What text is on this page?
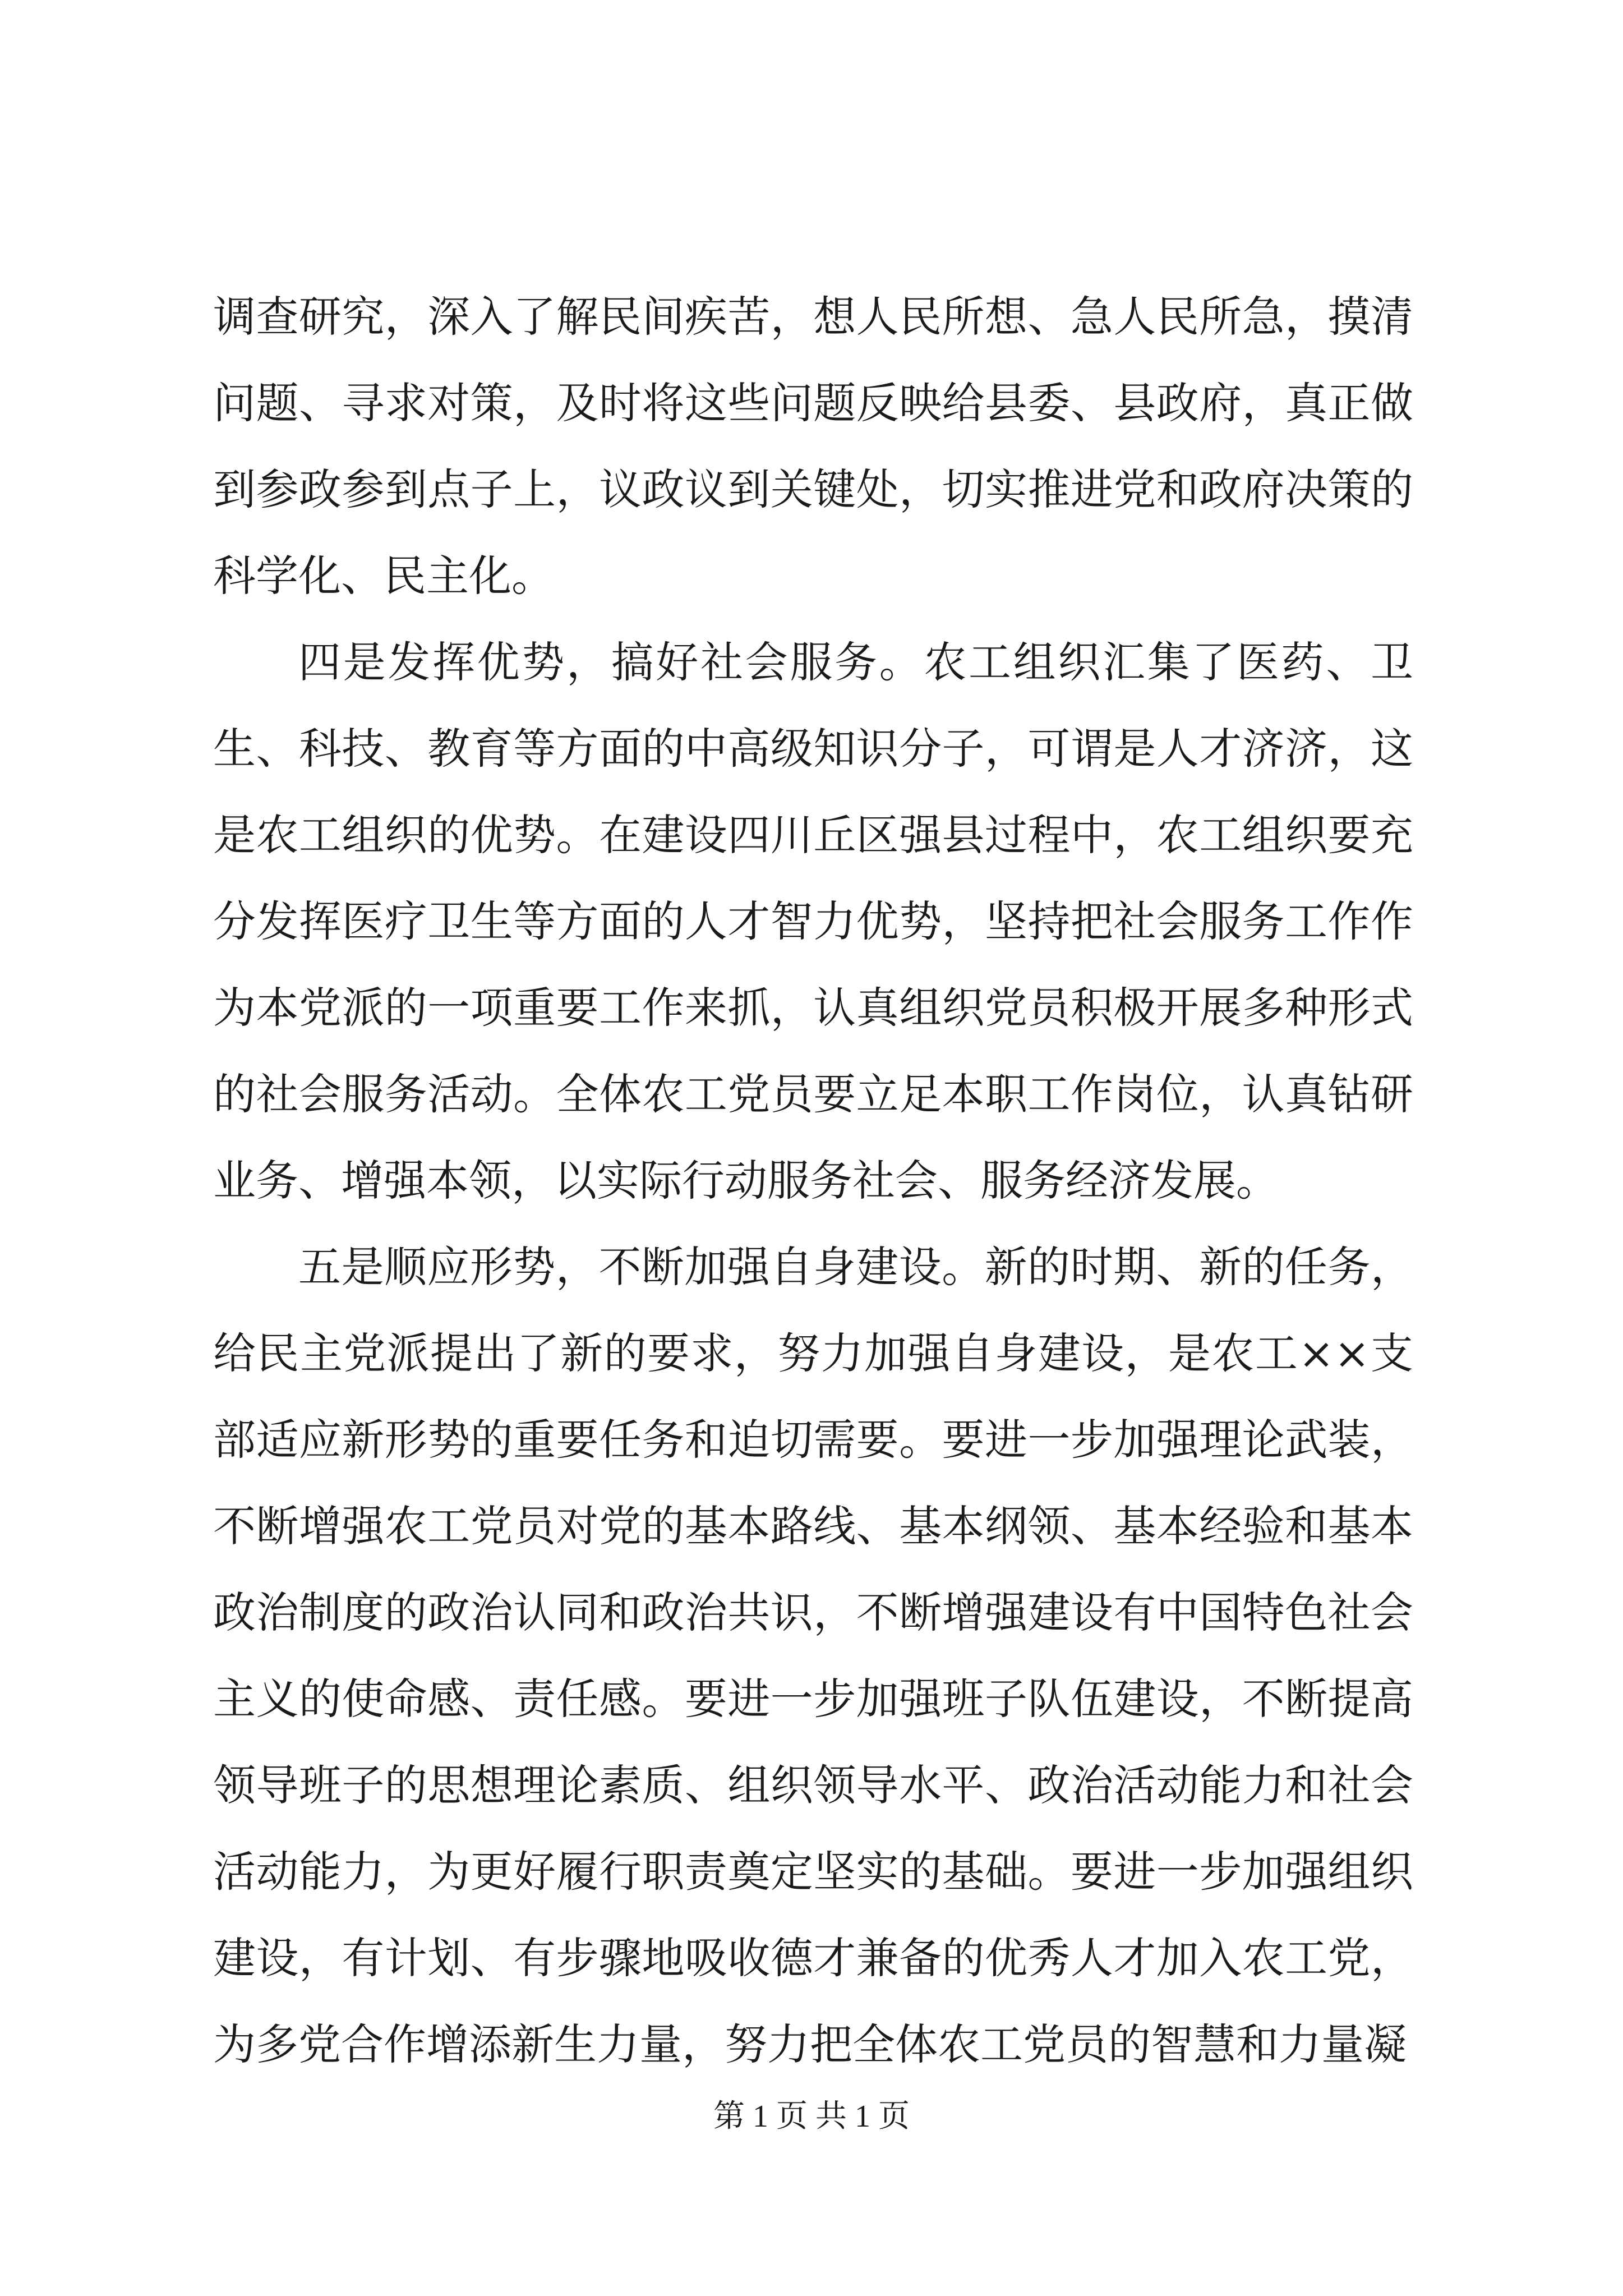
调查研究，深入了解民间疾苦，想人民所想、急人民所急，摸清问题、寻求对策，及时将这些问题反映给县委、县政府，真正做到参政参到点子上，议政议到关键处，切实推进党和政府决策的科学化、民主化。

四是发挥优势，搞好社会服务。农工组织汇集了医药、卫生、科技、教育等方面的中高级知识分子，可谓是人才济济，这是农工组织的优势。在建设四川丘区强县过程中，农工组织要充分发挥医疗卫生等方面的人才智力优势，坚持把社会服务工作作为本党派的一项重要工作来抓，认真组织党员积极开展多种形式的社会服务活动。全体农工党员要立足本职工作岗位，认真钻研业务、增强本领，以实际行动服务社会、服务经济发展。

五是顺应形势，不断加强自身建设。新的时期、新的任务，给民主党派提出了新的要求，努力加强自身建设，是农工××支部适应新形势的重要任务和迫切需要。要进一步加强理论武装，不断增强农工党员对党的基本路线、基本纲领、基本经验和基本政治制度的政治认同和政治共识，不断增强建设有中国特色社会主义的使命感、责任感。要进一步加强班子队伍建设，不断提高领导班子的思想理论素质、组织领导水平、政治活动能力和社会活动能力，为更好履行职责奠定坚实的基础。要进一步加强组织建设，有计划、有步骤地吸收德才兼备的优秀人才加入农工党，为多党合作增添新生力量，努力把全体农工党员的智慧和力量凝

第 1 页 共 1 页
